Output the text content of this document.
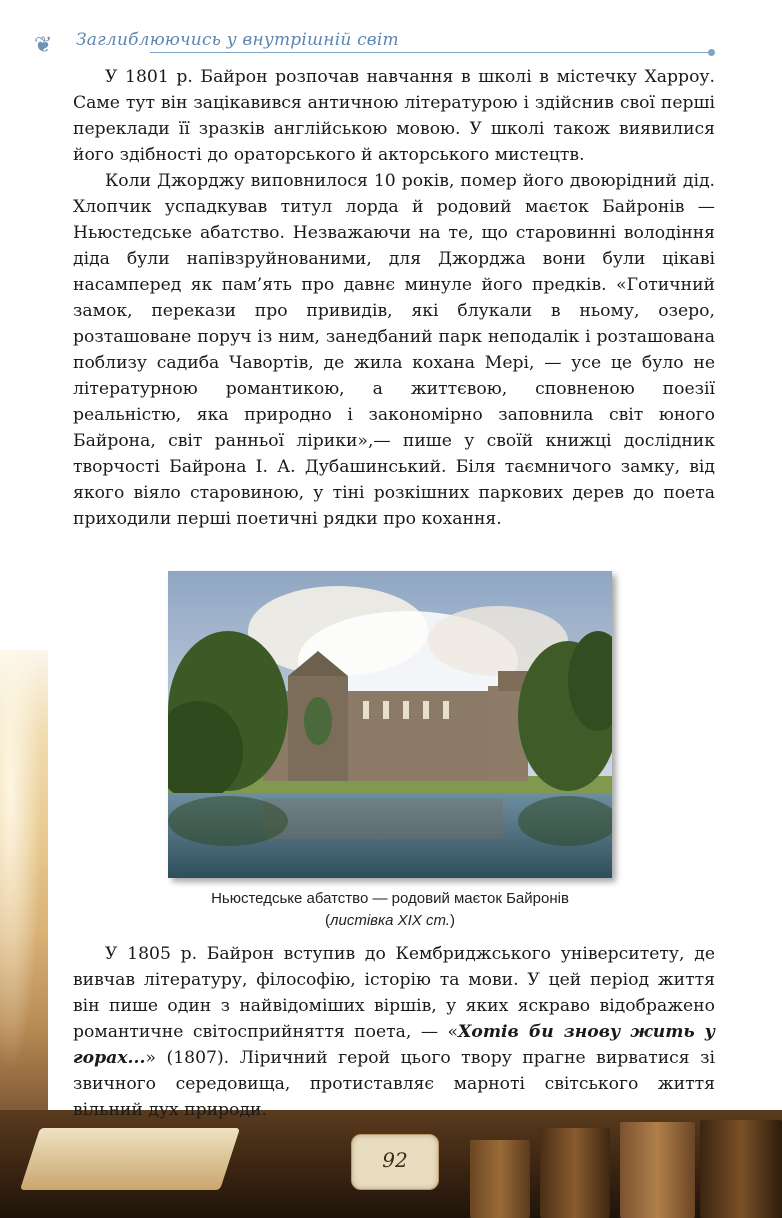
❦	Заглиблюючись у внутрішній світ

У 1801 р. Байрон розпочав навчання в школі в містечку Харроу. Саме тут він зацікавився античною літературою і здійснив свої перші переклади її зразків англійською мовою. У школі також виявилися його здібності до ораторського й акторського мистецтв.

Коли Джорджу виповнилося 10 років, помер його двоюрідний дід. Хлопчик успадкував титул лорда й родовий маєток Байронів — Ньюстедське абатство. Незважаючи на те, що старовинні володіння діда були напівзруйнованими, для Джорджа вони були цікаві насамперед як пам’ять про давнє минуле його предків. «Готичний замок, перекази про привидів, які блукали в ньому, озеро, розташоване поруч із ним, занедбаний парк неподалік і розташована поблизу садиба Чавортів, де жила кохана Мері, — усе це було не літературною романтикою, а життєвою, сповненою поезії реальністю, яка природно і закономірно заповнила світ юного Байрона, світ ранньої лірики»,— пише у своїй книжці дослідник творчості Байрона І. А. Дубашинський. Біля таємничого замку, від якого віяло старовиною, у тіні розкішних паркових дерев до поета приходили перші поетичні рядки про кохання.

Ньюстедське абатство — родовий маєток Байронів
(листівка XIX ст.)

У 1805 р. Байрон вступив до Кембриджського університету, де вивчав літературу, філософію, історію та мови. У цей період життя він пише один з найвідоміших віршів, у яких яскраво відображено романтичне світосприйняття поета, — «Хотів би знову жить у горах...» (1807). Ліричний герой цього твору прагне вирватися зі звичного середовища, протиставляє марноті світського життя вільний дух природи.

92
